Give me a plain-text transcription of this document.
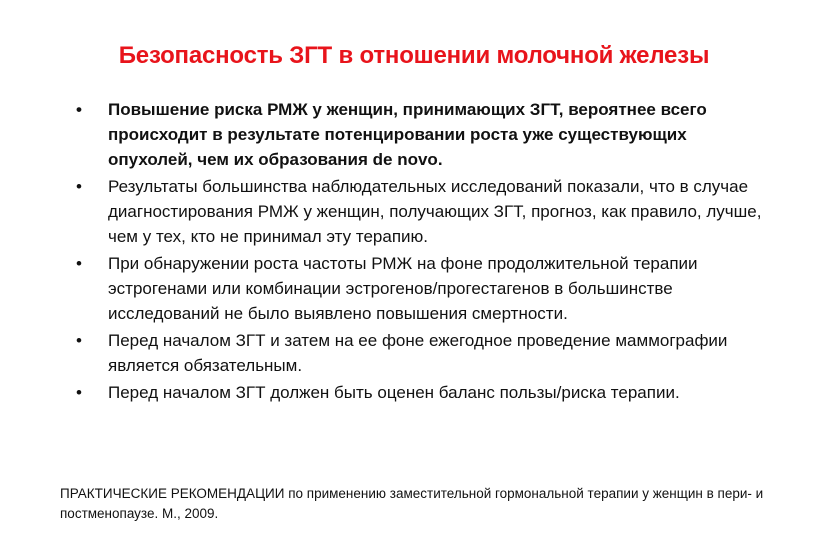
Безопасность ЗГТ в отношении молочной железы
• Повышение риска РМЖ у женщин, принимающих ЗГТ, вероятнее всего происходит в результате потенцировании роста уже существующих опухолей, чем их образования de novo.
• Результаты большинства наблюдательных исследований показали, что в случае диагностирования РМЖ у женщин, получающих ЗГТ, прогноз, как правило, лучше, чем у тех, кто не принимал эту терапию.
• При обнаружении роста частоты РМЖ на фоне продолжительной терапии эстрогенами или комбинации эстрогенов/прогестагенов в большинстве исследований не было выявлено повышения смертности.
• Перед началом ЗГТ и затем на ее фоне ежегодное проведение маммографии является обязательным.
• Перед началом ЗГТ должен быть оценен баланс пользы/риска терапии.
ПРАКТИЧЕСКИЕ РЕКОМЕНДАЦИИ по применению заместительной гормональной терапии у женщин в пери- и постменопаузе. М., 2009.
